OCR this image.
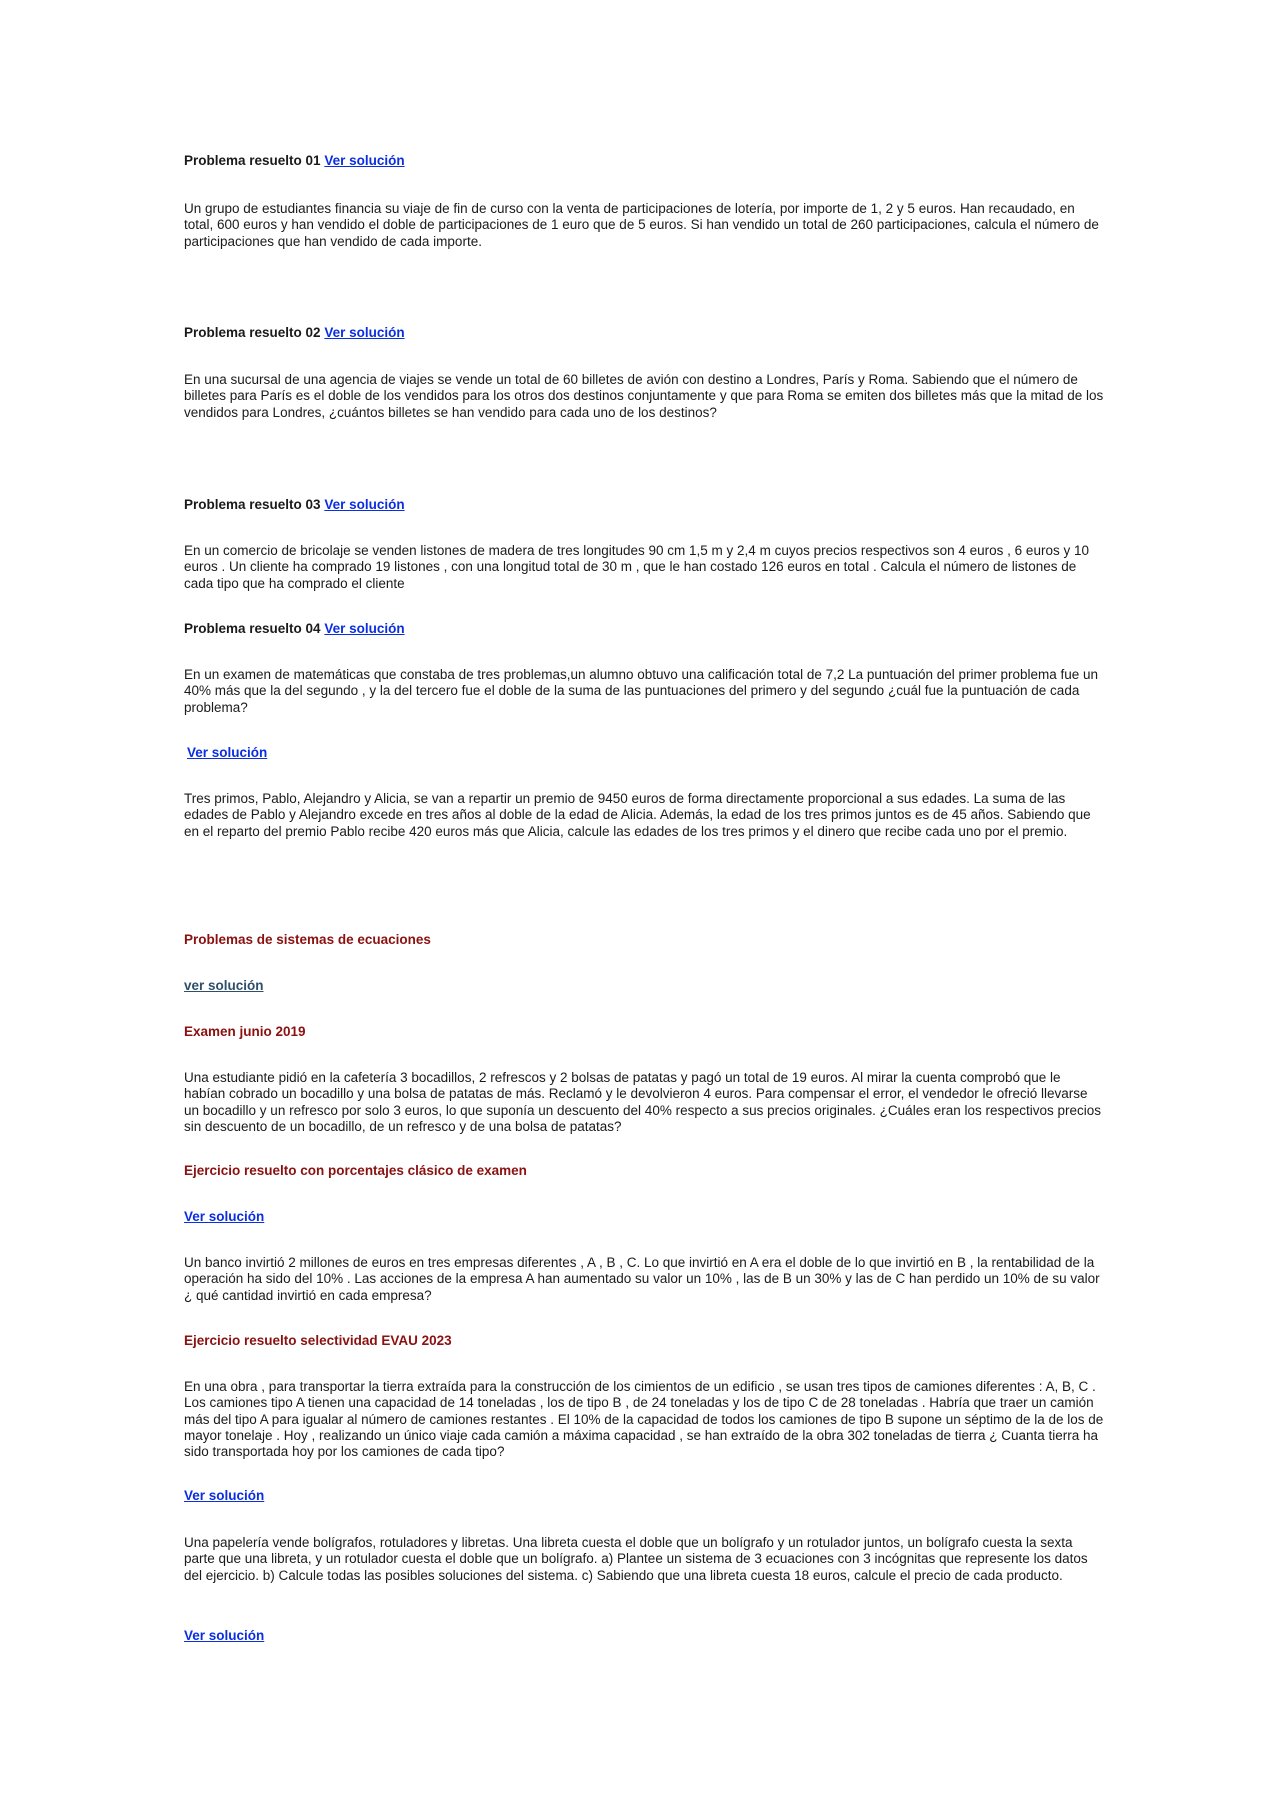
Problema resuelto 01 Ver solución
Un grupo de estudiantes financia su viaje de fin de curso con la venta de participaciones de lotería, por importe de 1, 2 y 5 euros. Han recaudado, en total, 600 euros y han vendido el doble de participaciones de 1 euro que de 5 euros. Si han vendido un total de 260 participaciones, calcula el número de participaciones que han vendido de cada importe.
Problema resuelto 02 Ver solución
En una sucursal de una agencia de viajes se vende un total de 60 billetes de avión con destino a Londres, París y Roma. Sabiendo que el número de billetes para París es el doble de los vendidos para los otros dos destinos conjuntamente y que para Roma se emiten dos billetes más que la mitad de los vendidos para Londres, ¿cuántos billetes se han vendido para cada uno de los destinos?
Problema resuelto 03 Ver solución
En un comercio de bricolaje se venden listones de madera de tres longitudes 90 cm 1,5 m y 2,4 m cuyos precios respectivos son 4 euros , 6 euros y 10 euros . Un cliente ha comprado 19 listones , con una longitud total de 30 m , que le han costado 126 euros en total . Calcula el número de listones de cada tipo que ha comprado el cliente
Problema resuelto 04 Ver solución
En un examen de matemáticas que constaba de tres problemas,un alumno obtuvo una calificación total de 7,2 La puntuación del primer problema fue un 40% más que la del segundo , y la del tercero fue el doble de la suma de las puntuaciones del primero y del segundo ¿cuál fue la puntuación de cada problema?
Ver solución
Tres primos, Pablo, Alejandro y Alicia, se van a repartir un premio de 9450 euros de forma directamente proporcional a sus edades. La suma de las edades de Pablo y Alejandro excede en tres años al doble de la edad de Alicia. Además, la edad de los tres primos juntos es de 45 años. Sabiendo que en el reparto del premio Pablo recibe 420 euros más que Alicia, calcule las edades de los tres primos y el dinero que recibe cada uno por el premio.
Problemas de sistemas de ecuaciones
ver solución
Examen junio 2019
Una estudiante pidió en la cafetería 3 bocadillos, 2 refrescos y 2 bolsas de patatas y pagó un total de 19 euros. Al mirar la cuenta comprobó que le habían cobrado un bocadillo y una bolsa de patatas de más. Reclamó y le devolvieron 4 euros. Para compensar el error, el vendedor le ofreció llevarse un bocadillo y un refresco por solo 3 euros, lo que suponía un descuento del 40% respecto a sus precios originales. ¿Cuáles eran los respectivos precios sin descuento de un bocadillo, de un refresco y de una bolsa de patatas?
Ejercicio resuelto con porcentajes clásico de examen
Ver solución
Un banco invirtió 2 millones de euros en tres empresas diferentes , A , B , C. Lo que invirtió en A era el doble de lo que invirtió en B , la rentabilidad de la operación ha sido del 10% . Las acciones de la empresa A han aumentado su valor un 10% , las de B un 30% y las de C han perdido un 10% de su valor ¿ qué cantidad invirtió en cada empresa?
Ejercicio resuelto selectividad EVAU 2023
En una obra , para transportar la tierra extraída para la construcción de los cimientos de un edificio , se usan tres tipos de camiones diferentes : A, B, C . Los camiones tipo A tienen una capacidad de 14 toneladas , los de tipo B , de 24 toneladas y los de tipo C de 28 toneladas . Habría que traer un camión más del tipo A para igualar al número de camiones restantes . El 10% de la capacidad de todos los camiones de tipo B supone un séptimo de la de los de mayor tonelaje . Hoy , realizando un único viaje cada camión a máxima capacidad , se han extraído de la obra 302 toneladas de tierra ¿ Cuanta tierra ha sido transportada hoy por los camiones de cada tipo?
Ver solución
Una papelería vende bolígrafos, rotuladores y libretas. Una libreta cuesta el doble que un bolígrafo y un rotulador juntos, un bolígrafo cuesta la sexta parte que una libreta, y un rotulador cuesta el doble que un bolígrafo. a) Plantee un sistema de 3 ecuaciones con 3 incógnitas que represente los datos del ejercicio. b) Calcule todas las posibles soluciones del sistema. c) Sabiendo que una libreta cuesta 18 euros, calcule el precio de cada producto.
Ver solución
